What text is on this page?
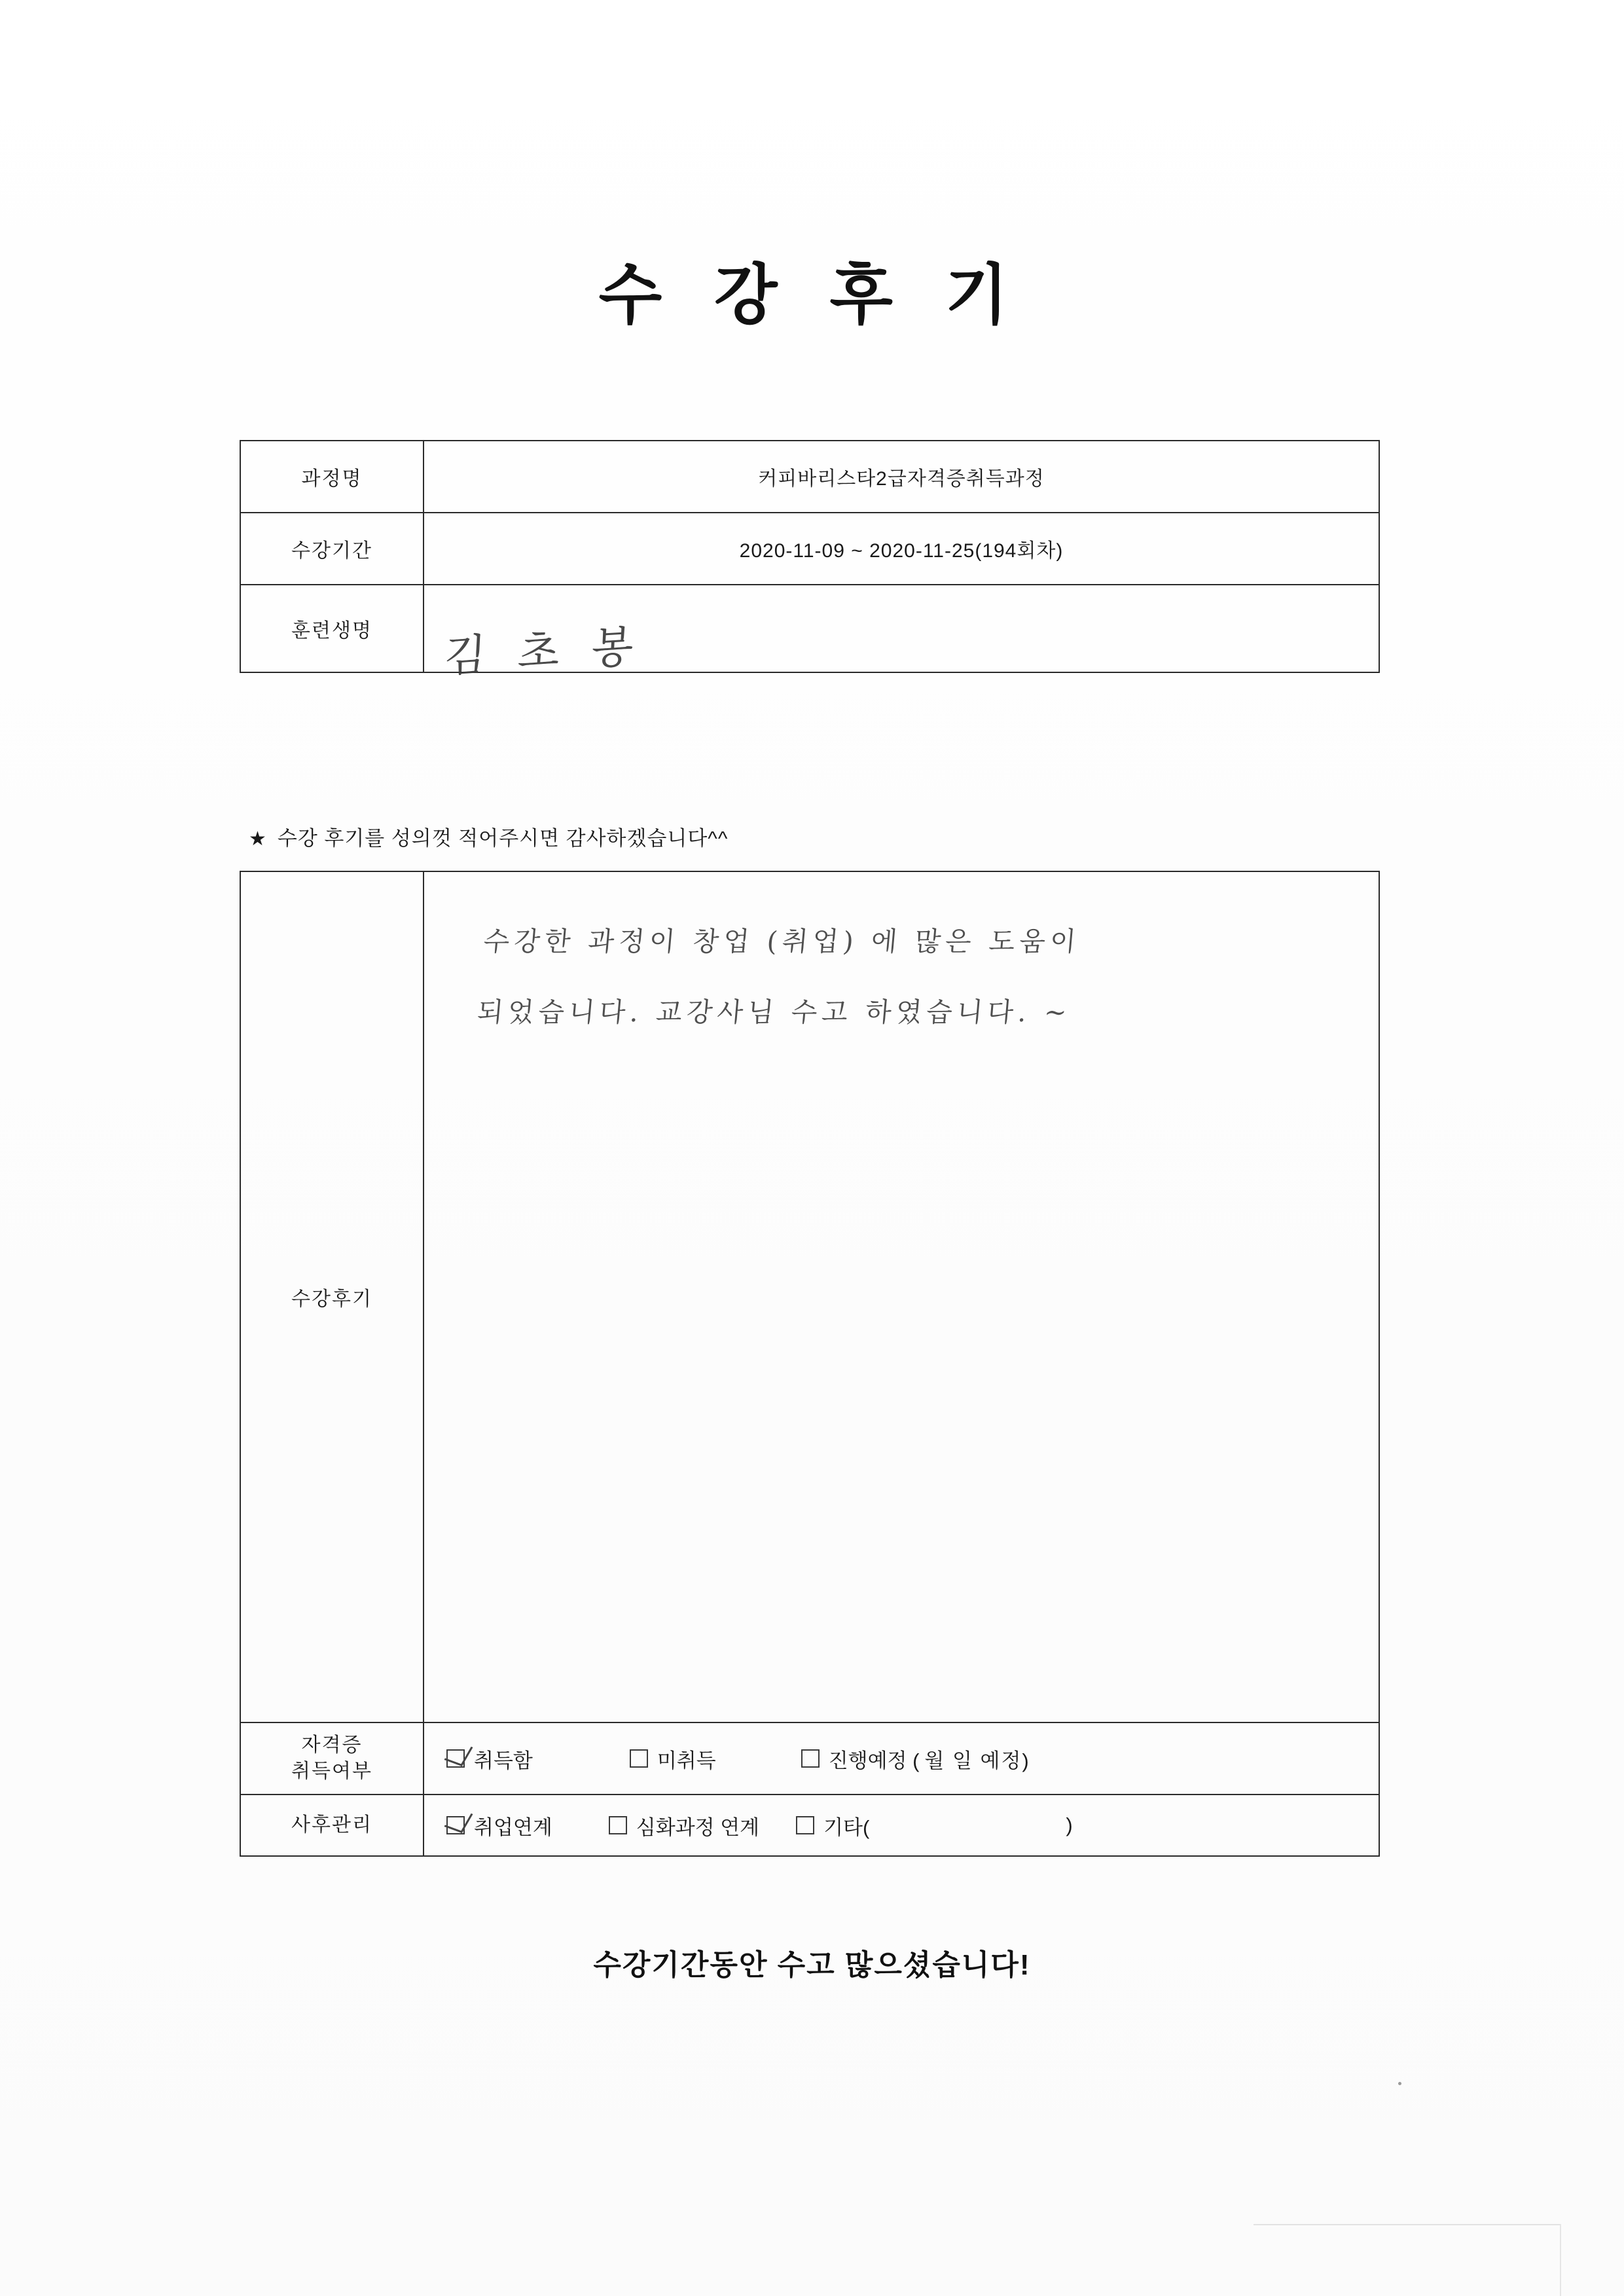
수 강 후 기
과정명	커피바리스타2급자격증취득과정
수강기간	2020-11-09 ~ 2020-11-25(194회차)
훈련생명	김 초 봉
★ 수강 후기를 성의껏 적어주시면 감사하겠습니다^^
수강후기	수강한 과정이 창업 (취업) 에 많은 도움이
되었습니다. 교강사님 수고 하였습니다. ~

자격증
취득여부	취득함	미취득	진행예정 ( 월 일 예정)

사후관리	취업연계 심화과정 연계 기타( )
수강기간동안 수고 많으셨습니다!
